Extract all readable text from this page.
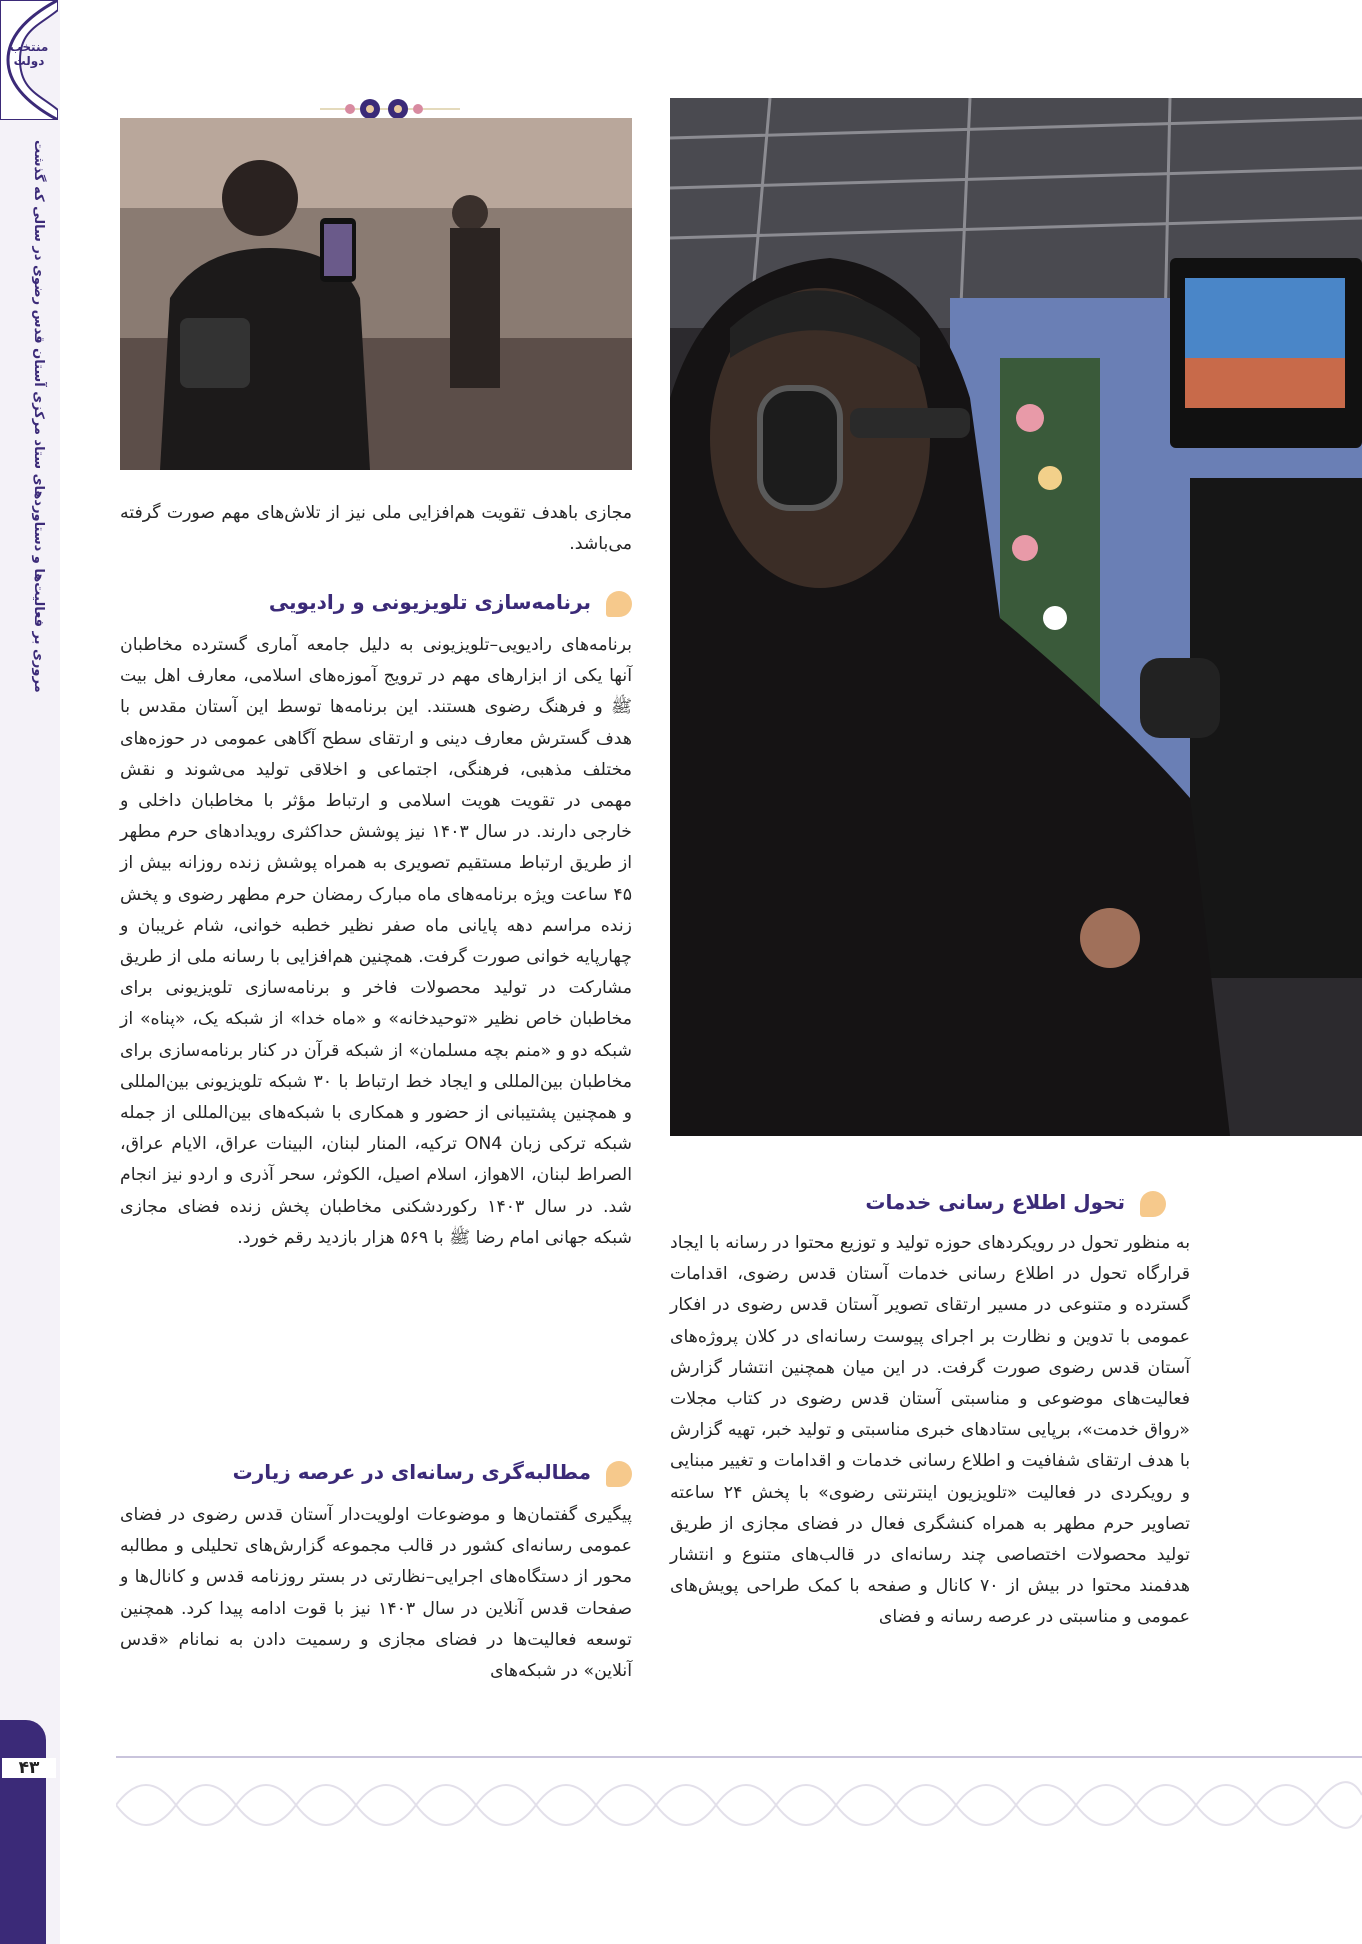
منتخب دولت
مروری بر فعالیت‌ها و دستاوردهای ستاد مرکزی آستان قدس رضوی در سالی که گذشت
۴۳

مجازی باهدف تقویت هم‌افزایی ملی نیز از تلاش‌های مهم صورت گرفته می‌باشد.

برنامه‌سازی تلویزیونی و رادیویی

برنامه‌های رادیویی–تلویزیونی به دلیل جامعه آماری گسترده مخاطبان آنها یکی از ابزارهای مهم در ترویج آموزه‌های اسلامی، معارف اهل بیت ﷺ و فرهنگ رضوی هستند. این برنامه‌ها توسط این آستان مقدس با هدف گسترش معارف دینی و ارتقای سطح آگاهی عمومی در حوزه‌های مختلف مذهبی، فرهنگی، اجتماعی و اخلاقی تولید می‌شوند و نقش مهمی در تقویت هویت اسلامی و ارتباط مؤثر با مخاطبان داخلی و خارجی دارند. در سال ۱۴۰۳ نیز پوشش حداکثری رویدادهای حرم مطهر از طریق ارتباط مستقیم تصویری به همراه پوشش زنده روزانه بیش از ۴۵ ساعت ویژه برنامه‌های ماه مبارک رمضان حرم مطهر رضوی و پخش زنده مراسم دهه پایانی ماه صفر نظیر خطبه خوانی، شام غریبان و چهارپایه خوانی صورت گرفت. همچنین هم‌افزایی با رسانه ملی از طریق مشارکت در تولید محصولات فاخر و برنامه‌سازی تلویزیونی برای مخاطبان خاص نظیر «توحیدخانه» و «ماه خدا» از شبکه یک، «پناه» از شبکه دو و «منم بچه مسلمان» از شبکه قرآن در کنار برنامه‌سازی برای مخاطبان بین‌المللی و ایجاد خط ارتباط با ۳۰ شبکه تلویزیونی بین‌المللی و همچنین پشتیبانی از حضور و همکاری با شبکه‌های بین‌المللی از جمله شبکه ترکی زبان ON4 ترکیه، المنار لبنان، البینات عراق، الایام عراق، الصراط لبنان، الاهواز، اسلام اصیل، الکوثر، سحر آذری و اردو نیز انجام شد. در سال ۱۴۰۳ رکوردشکنی مخاطبان پخش زنده فضای مجازی شبکه جهانی امام رضا ﷺ با ۵۶۹ هزار بازدید رقم خورد.

مطالبه‌گری رسانه‌ای در عرصه زیارت

پیگیری گفتمان‌ها و موضوعات اولویت‌دار آستان قدس رضوی در فضای عمومی رسانه‌ای کشور در قالب مجموعه گزارش‌های تحلیلی و مطالبه محور از دستگاه‌های اجرایی–نظارتی در بستر روزنامه قدس و کانال‌ها و صفحات قدس آنلاین در سال ۱۴۰۳ نیز با قوت ادامه پیدا کرد. همچنین توسعه فعالیت‌ها در فضای مجازی و رسمیت دادن به نمانام «قدس آنلاین» در شبکه‌های

تحول اطلاع رسانی خدمات

به منظور تحول در رویکردهای حوزه تولید و توزیع محتوا در رسانه با ایجاد قرارگاه تحول در اطلاع رسانی خدمات آستان قدس رضوی، اقدامات گسترده و متنوعی در مسیر ارتقای تصویر آستان قدس رضوی در افکار عمومی با تدوین و نظارت بر اجرای پیوست رسانه‌ای در کلان پروژه‌های آستان قدس رضوی صورت گرفت. در این میان همچنین انتشار گزارش فعالیت‌های موضوعی و مناسبتی آستان قدس رضوی در کتاب مجلات «رواق خدمت»، برپایی ستادهای خبری مناسبتی و تولید خبر، تهیه گزارش با هدف ارتقای شفافیت و اطلاع رسانی خدمات و اقدامات و تغییر مبنایی و رویکردی در فعالیت «تلویزیون اینترنتی رضوی» با پخش ۲۴ ساعته تصاویر حرم مطهر به همراه کنشگری فعال در فضای مجازی از طریق تولید محصولات اختصاصی چند رسانه‌ای در قالب‌های متنوع و انتشار هدفمند محتوا در بیش از ۷۰ کانال و صفحه با کمک طراحی پویش‌های عمومی و مناسبتی در عرصه رسانه و فضای
